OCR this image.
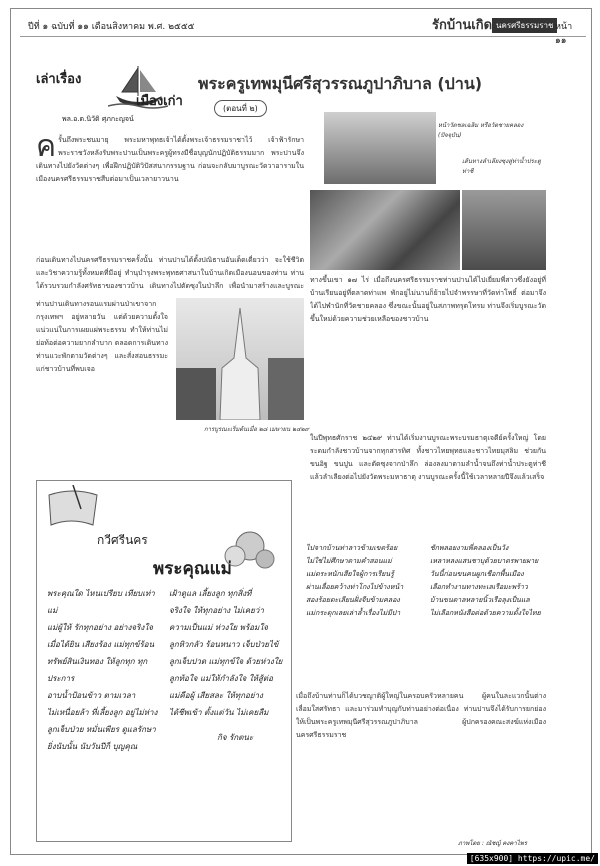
ปีที่ ๑ ฉบับที่ ๑๑ เดือนสิงหาคม พ.ศ. ๒๕๕๕	รักบ้านเกิด นครศรีธรรมราช หน้า ๑๑
เล่าเรื่อง
เมืองเก่า
พล.อ.ต.นิวัติ ศุภกะญจน์
พระครูเทพมุนีศรีสุวรรณภูปาภิบาล (ปาน)
(ตอนที่ ๒)
หน้าวัดชลเฉลิม หรือวัดชายคลอง (ปัจจุบัน)
เส้นทางลำเลียงซุงสู่ท่าน้ำประตูท่าชี
ค รั้นถึงพระชนมายุ พระมหาพุทธเจ้าได้ตั้งพระเจ้าธรรมราชาไว้ เจ้าฟ้ารักษาพระราชวังหลังรับพระปานเป็นพระครูผู้ทรงมีชื่อบุญนักปฏิบัติธรรมมาก พระปานจึงเดินทางไปยังวัดต่างๆ เพื่อฝึกปฏิบัติวิปัสสนากรรมฐาน ก่อนจะกลับมาบูรณะวัดวาอารามในเมืองนครศรีธรรมราชสืบต่อมาเป็นเวลายาวนาน
ก่อนเดินทางไปนครศรีธรรมราชครั้งนั้น ท่านปานได้ตั้งปณิธานอันเด็ดเดี่ยวว่า จะใช้ชีวิตและวิชาความรู้ทั้งหมดที่มีอยู่ ทำนุบำรุงพระพุทธศาสนาในบ้านเกิดเมืองนอนของท่าน ท่านได้รวบรวมกำลังศรัทธาของชาวบ้าน เดินทางไปตัดซุงในป่าลึก เพื่อนำมาสร้างและบูรณะ
ท่านปานเดินทางรอนแรมผ่านป่าเขาจากกรุงเทพฯ อยู่หลายวัน แต่ด้วยความตั้งใจแน่วแน่ในการเผยแผ่พระธรรม ทำให้ท่านไม่ย่อท้อต่อความยากลำบาก ตลอดการเดินทางท่านแวะพักตามวัดต่างๆ และสั่งสอนธรรมะแก่ชาวบ้านที่พบเจอ
การบูรณะเริ่มต้นเมื่อ ๒๘ เมษายน ๒๔๒๙
ทางขึ้นเขา ๑๗ ไร่ เมื่อถึงนครศรีธรรมราชท่านปานได้ไปเยี่ยมพี่สาวซึ่งยังอยู่ที่บ้านเรียนอยู่ที่ตลาดท่าแพ พักอยู่ไม่นานก็ย้ายไปจำพรรษาที่วัดท่าโพธิ์ ต่อมาจึงได้ไปพำนักที่วัดชายคลอง ซึ่งขณะนั้นอยู่ในสภาพทรุดโทรม ท่านจึงเริ่มบูรณะวัดขึ้นใหม่ด้วยความช่วยเหลือของชาวบ้าน
ในปีพุทธศักราช ๒๔๒๙ ท่านได้เริ่มงานบูรณะพระบรมธาตุเจดีย์ครั้งใหญ่ โดยระดมกำลังชาวบ้านจากทุกสารทิศ ทั้งชาวไทยพุทธและชาวไทยมุสลิม ช่วยกันขนอิฐ ขนปูน และตัดซุงจากป่าลึก ล่องลงมาตามลำน้ำจนถึงท่าน้ำประตูท่าชี แล้วลำเลียงต่อไปยังวัดพระมหาธาตุ งานบูรณะครั้งนี้ใช้เวลาหลายปีจึงแล้วเสร็จ
เมื่อถึงบ้านท่านก็ได้บวชญาติผู้ใหญ่ในครอบครัวหลายคน ผู้คนในละแวกนั้นต่างเลื่อมใสศรัทธา และมาร่วมทำบุญกับท่านอย่างต่อเนื่อง ท่านปานจึงได้รับการยกย่องให้เป็นพระครูเทพมุนีศรีสุวรรณภูปาภิบาล ผู้ปกครองคณะสงฆ์แห่งเมืองนครศรีธรรมราช
กวีศรีนคร
พระคุณแม่
พระคุณใด ไหนเปรียบ เทียบเท่าแม่
แม่ผู้ให้ รักทุกอย่าง อย่างจริงใจ
เมื่อได้ยิน เสียงร้อง แม่ทุกข์ร้อน
ทรัพย์สินเงินทอง ให้ลูกทุก ทุกประการ
อาบน้ำป้อนข้าว ตามเวลา
ไม่เหนื่อยล้า ที่เลี้ยงลูก อยู่ไม่ห่าง
ลูกเจ็บป่วย หมั่นเพียร ดูแลรักษา
ยิ่งนับนั้น นับวันปีก็ บุญคุณ
เฝ้าดูแล เลี้ยงลูก ทุกสิ่งที่
จริงใจ ให้ทุกอย่าง ไม่เคยว่า
ความเป็นแม่ ห่วงใย พร้อมใจ
ลูกหิวกลัว ร้อนหนาว เจ็บป่วยไข้
ลูกเจ็บปวด แม่ทุกข์ใจ ด้วยห่วงใย
ลูกท้อใจ แม่ให้กำลังใจ ให้สู้ต่อ
แม่คือผู้ เสียสละ ให้ทุกอย่าง
ได้ชีพเข้า ตั้งแต่วัน ไม่เคยลืม
กิจ รักตนะ
ไปจากบ้านท่าลาวข้ามเขตร้อย
ไม่ใช่ไม่ศึกษาตามคำสอนแม่
แม่ตระหนักเสียใจผู้การเรียนรู้
ผ่านเลื่อยคว้างท่าโกงไปข้างหน้า
สองร้อยตะเลียนฝั่งจีบข้ามคลอง
แม่กระตุกเลยเล่าล้ำเรื่องไม่มีปา
ชักพลอยงามพี่คลองเป็นวัง
เหลาหลงแสนชาบุด้วยบาตรพายผาย
วันนี้ก่อนขนคนผูกเชือกพื้นเมือง
เลือกทำงานทางทะเลเรือมะพร้าว
บ้านขนตาลหลายนิ้วเรือลุงเป็นแล
ไม่เลือกหนังสือต่อด้วยความตั้งใจไทย
ภาพโดย : ณัชญ์ คงคาไพร
[635x900] https://upic.me/
